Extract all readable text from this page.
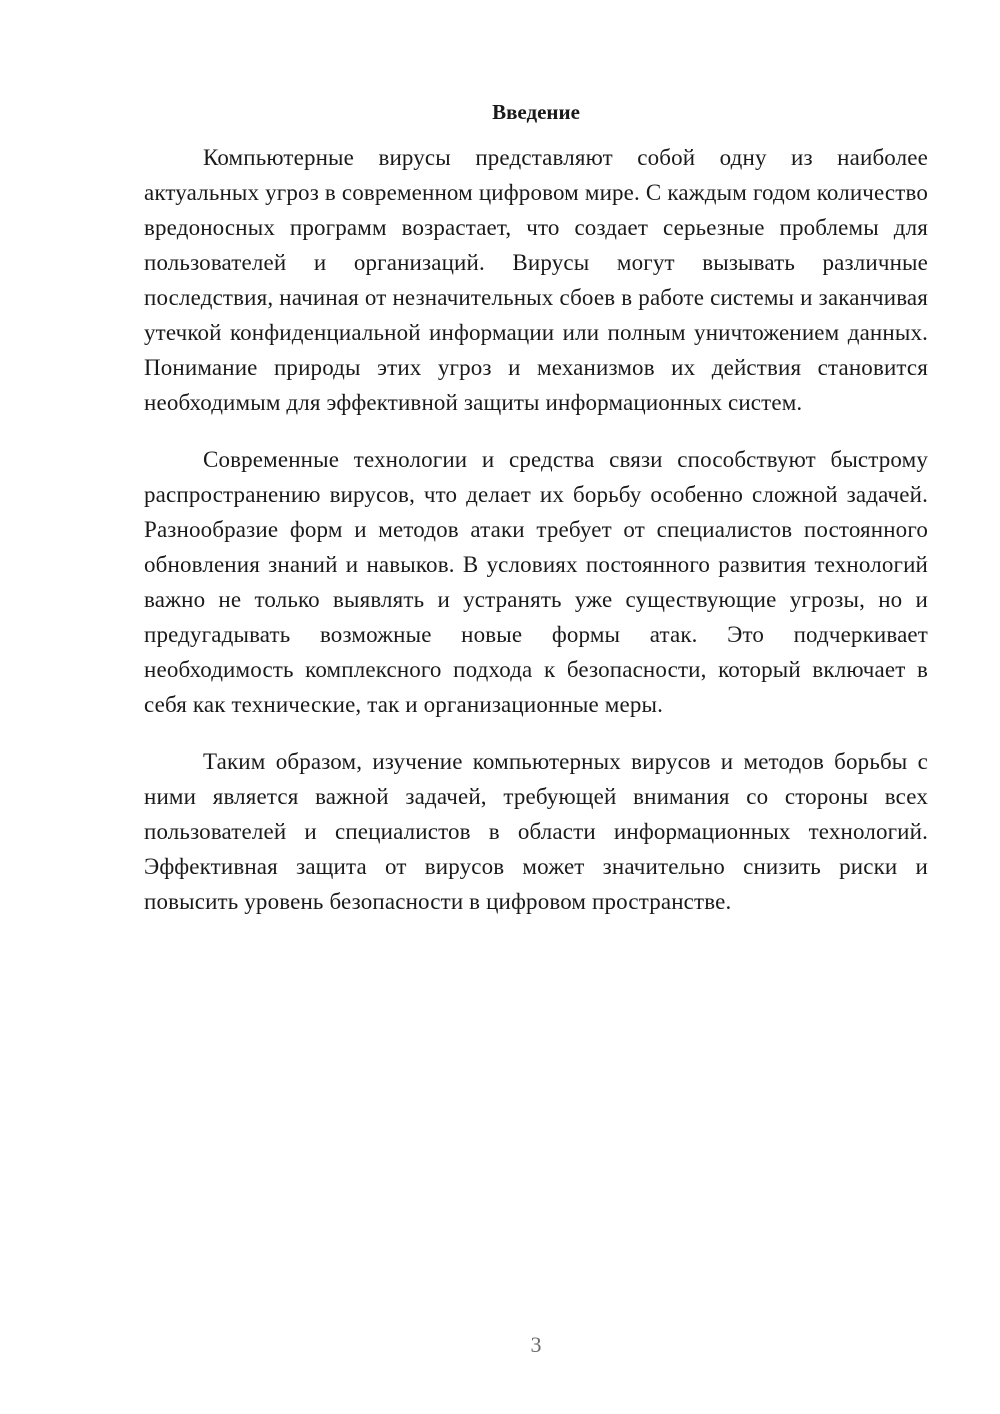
Введение

Компьютерные вирусы представляют собой одну из наиболее актуальных угроз в современном цифровом мире. С каждым годом количество вредоносных программ возрастает, что создает серьезные проблемы для пользователей и организаций. Вирусы могут вызывать различные последствия, начиная от незначительных сбоев в работе системы и заканчивая утечкой конфиденциальной информации или полным уничтожением данных. Понимание природы этих угроз и механизмов их действия становится необходимым для эффективной защиты информационных систем.

Современные технологии и средства связи способствуют быстрому распространению вирусов, что делает их борьбу особенно сложной задачей. Разнообразие форм и методов атаки требует от специалистов постоянного обновления знаний и навыков. В условиях постоянного развития технологий важно не только выявлять и устранять уже существующие угрозы, но и предугадывать возможные новые формы атак. Это подчеркивает необходимость комплексного подхода к безопасности, который включает в себя как технические, так и организационные меры.

Таким образом, изучение компьютерных вирусов и методов борьбы с ними является важной задачей, требующей внимания со стороны всех пользователей и специалистов в области информационных технологий. Эффективная защита от вирусов может значительно снизить риски и повысить уровень безопасности в цифровом пространстве.

3
